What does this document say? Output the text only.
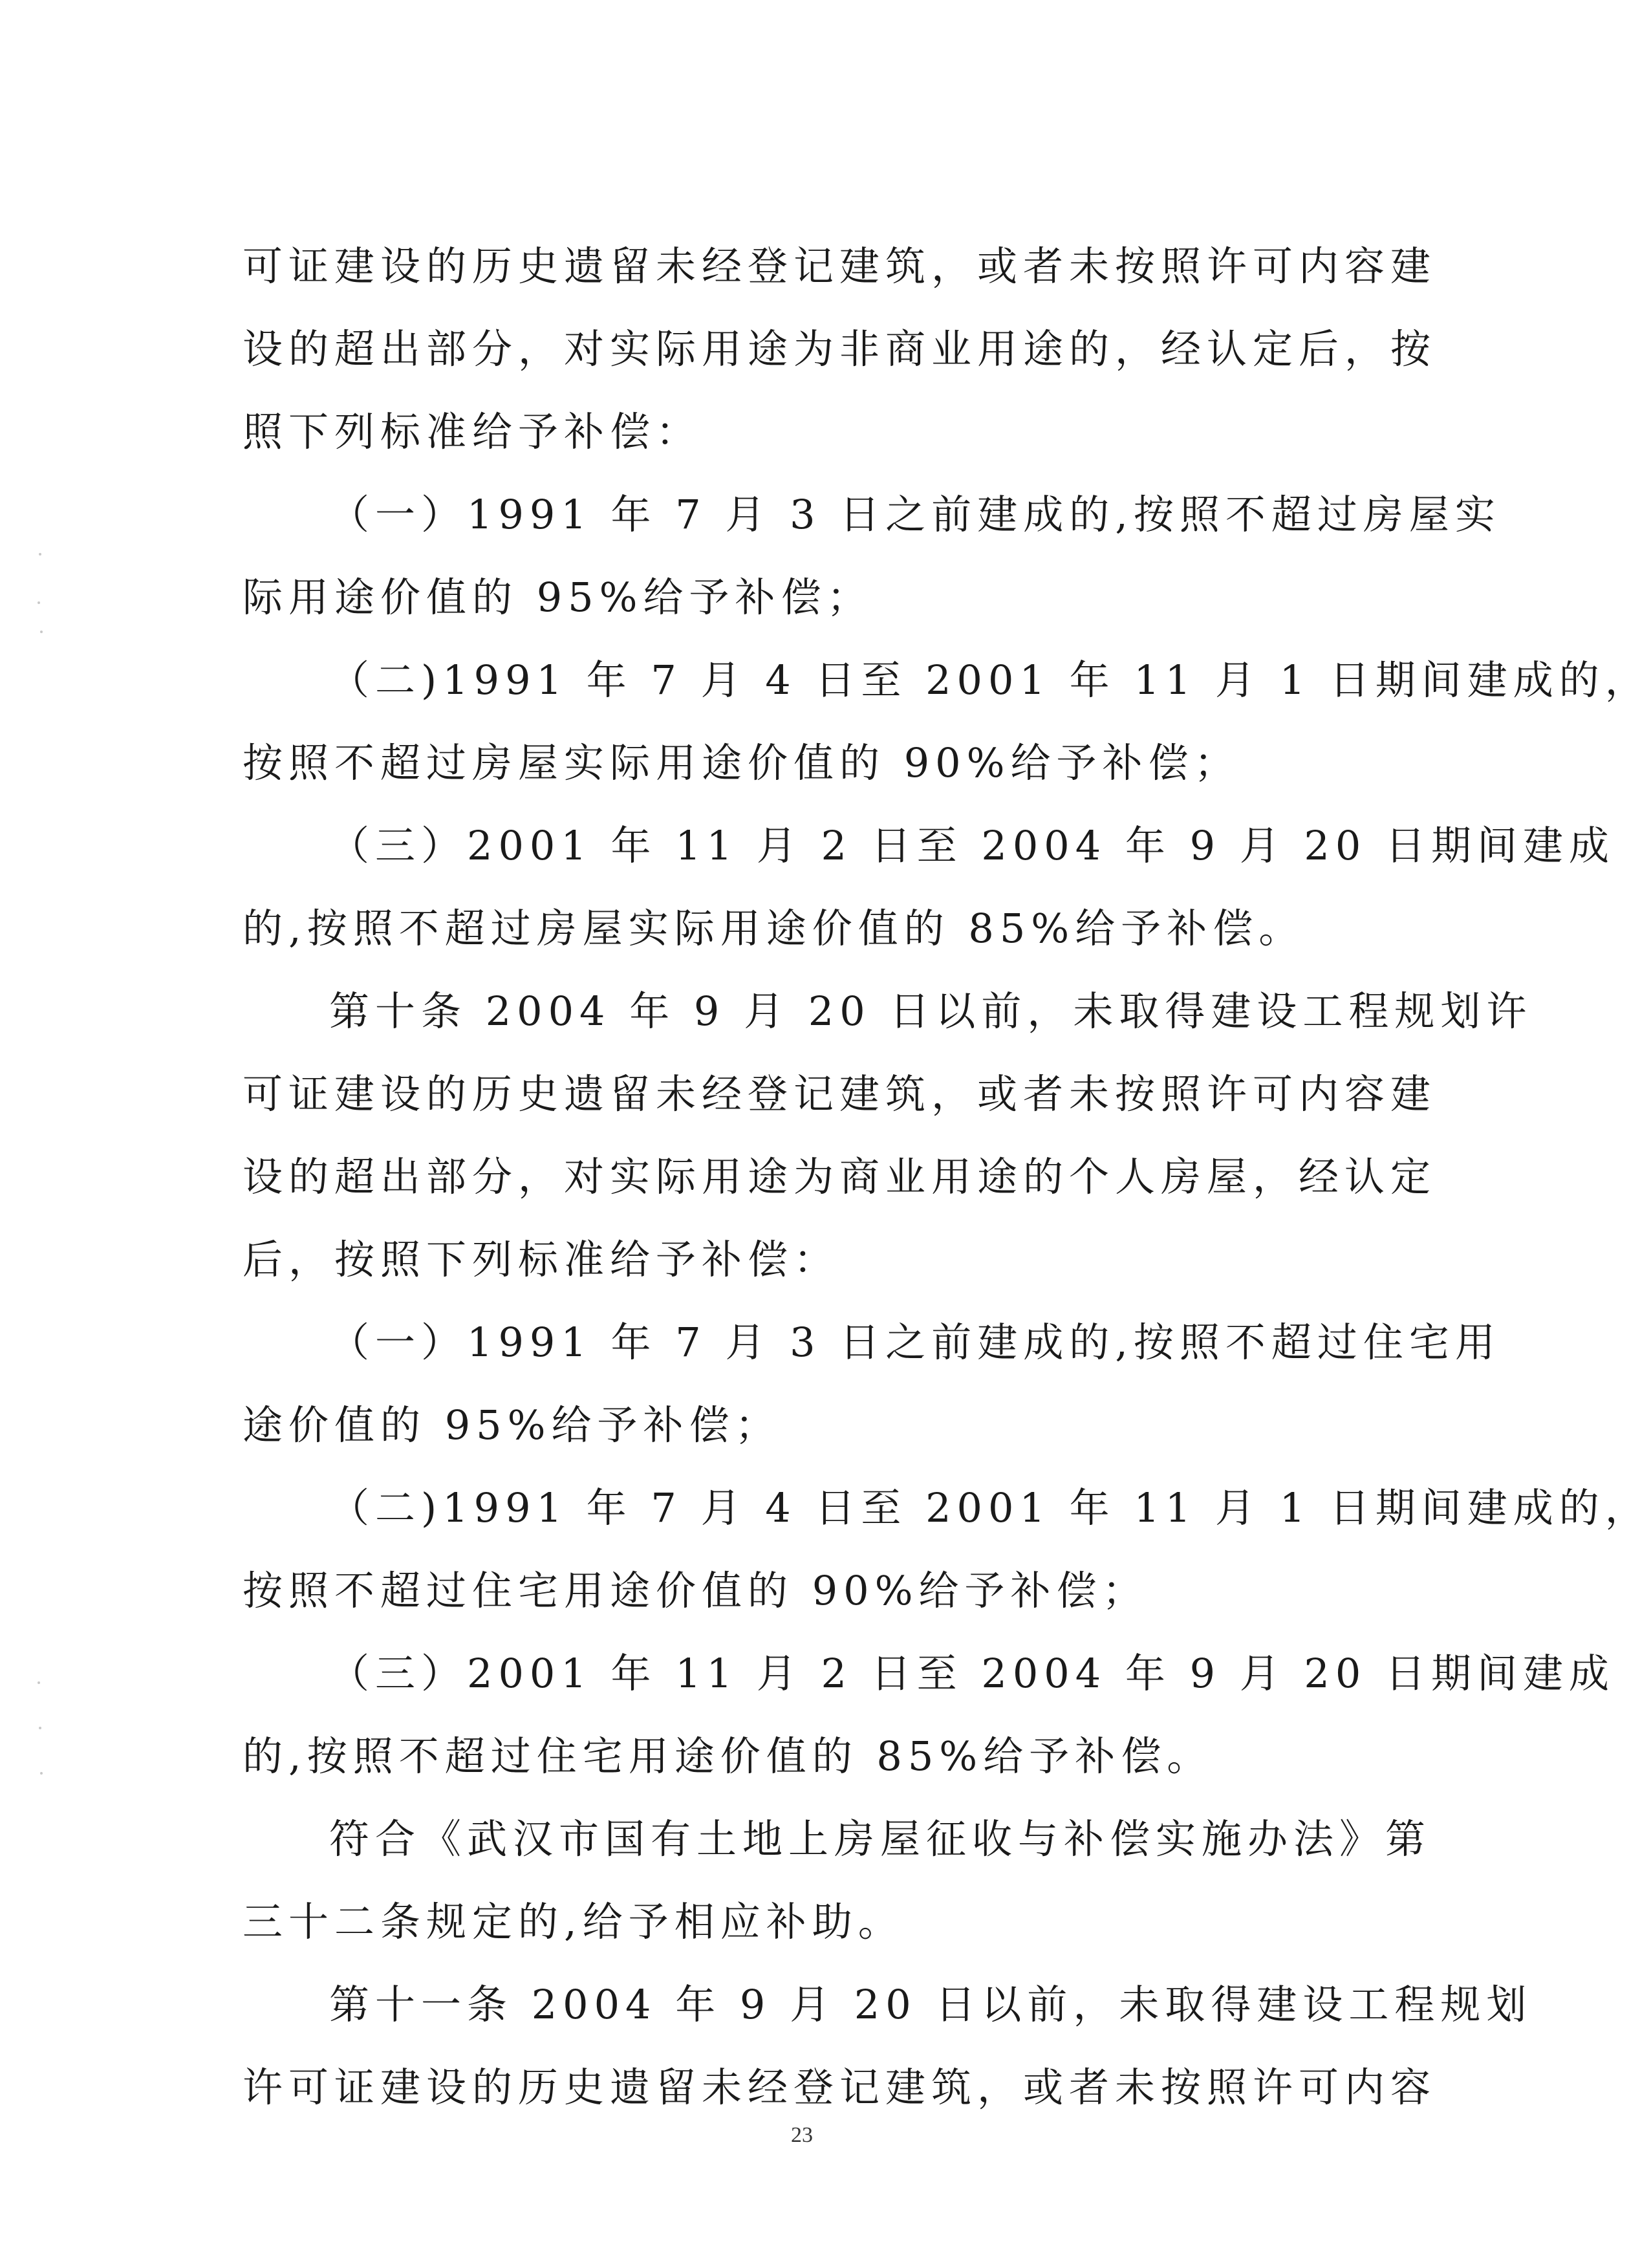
可证建设的历史遗留未经登记建筑，或者未按照许可内容建
设的超出部分，对实际用途为非商业用途的，经认定后，按
照下列标准给予补偿：
（一）1991 年 7 月 3 日之前建成的,按照不超过房屋实
际用途价值的 95%给予补偿；
（二)1991 年 7 月 4 日至 2001 年 11 月 1 日期间建成的，
按照不超过房屋实际用途价值的 90%给予补偿；
（三）2001 年 11 月 2 日至 2004 年 9 月 20 日期间建成
的,按照不超过房屋实际用途价值的 85%给予补偿。
第十条 2004 年 9 月 20 日以前，未取得建设工程规划许
可证建设的历史遗留未经登记建筑，或者未按照许可内容建
设的超出部分，对实际用途为商业用途的个人房屋，经认定
后，按照下列标准给予补偿：
（一）1991 年 7 月 3 日之前建成的,按照不超过住宅用
途价值的 95%给予补偿；
（二)1991 年 7 月 4 日至 2001 年 11 月 1 日期间建成的，
按照不超过住宅用途价值的 90%给予补偿；
（三）2001 年 11 月 2 日至 2004 年 9 月 20 日期间建成
的,按照不超过住宅用途价值的 85%给予补偿。
符合《武汉市国有土地上房屋征收与补偿实施办法》第
三十二条规定的,给予相应补助。
第十一条 2004 年 9 月 20 日以前，未取得建设工程规划
许可证建设的历史遗留未经登记建筑，或者未按照许可内容
23
